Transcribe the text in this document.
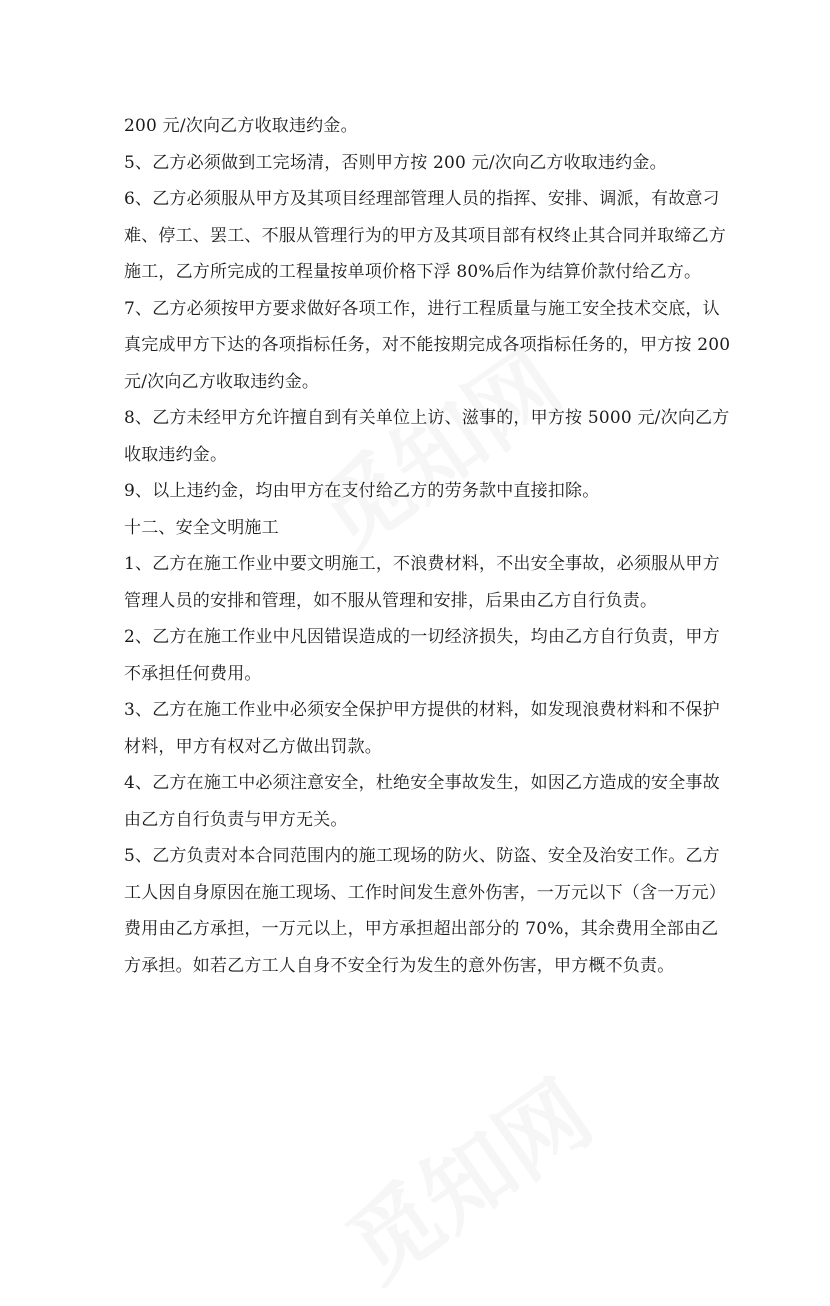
200 元/次向乙方收取违约金。
5、乙方必须做到工完场清，否则甲方按 200 元/次向乙方收取违约金。
6、乙方必须服从甲方及其项目经理部管理人员的指挥、安排、调派，有故意刁
难、停工、罢工、不服从管理行为的甲方及其项目部有权终止其合同并取缔乙方
施工，乙方所完成的工程量按单项价格下浮 80%后作为结算价款付给乙方。
7、乙方必须按甲方要求做好各项工作，进行工程质量与施工安全技术交底，认
真完成甲方下达的各项指标任务，对不能按期完成各项指标任务的，甲方按 200
元/次向乙方收取违约金。
8、乙方未经甲方允许擅自到有关单位上访、滋事的，甲方按 5000 元/次向乙方
收取违约金。
9、以上违约金，均由甲方在支付给乙方的劳务款中直接扣除。
十二、安全文明施工
1、乙方在施工作业中要文明施工，不浪费材料，不出安全事故，必须服从甲方
管理人员的安排和管理，如不服从管理和安排，后果由乙方自行负责。
2、乙方在施工作业中凡因错误造成的一切经济损失，均由乙方自行负责，甲方
不承担任何费用。
3、乙方在施工作业中必须安全保护甲方提供的材料，如发现浪费材料和不保护
材料，甲方有权对乙方做出罚款。
4、乙方在施工中必须注意安全，杜绝安全事故发生，如因乙方造成的安全事故
由乙方自行负责与甲方无关。
5、乙方负责对本合同范围内的施工现场的防火、防盗、安全及治安工作。乙方
工人因自身原因在施工现场、工作时间发生意外伤害，一万元以下（含一万元）
费用由乙方承担，一万元以上，甲方承担超出部分的 70%，其余费用全部由乙
方承担。如若乙方工人自身不安全行为发生的意外伤害，甲方概不负责。
